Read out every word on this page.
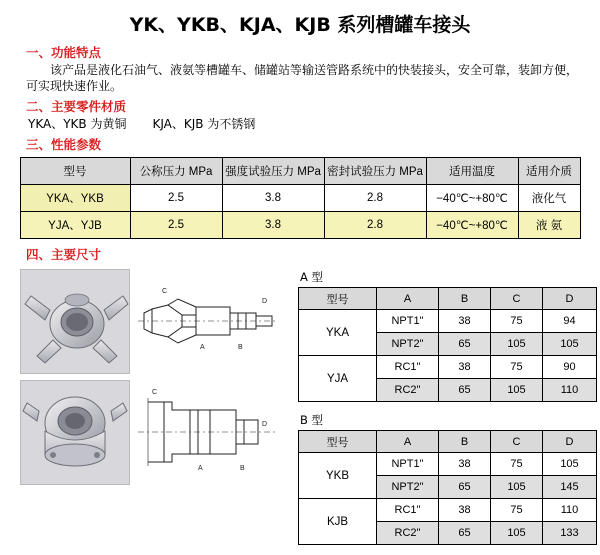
YK、YKB、KJA、KJB 系列槽罐车接头
一、功能特点
该产品是液化石油气、液氨等槽罐车、储罐站等输送管路系统中的快装接头，安全可靠，装卸方便，可实现快速作业。
二、主要零件材质
YKA、YKB 为黄铜 KJA、KJB 为不锈钢
三、性能参数
型号	公称压力 MPa	强度试验压力 MPa	密封试验压力 MPa	适用温度	适用介质
YKA、YKB	2.5	3.8	2.8	−40℃~+80℃	液化气
YJA、YJB	2.5	3.8	2.8	−40℃~+80℃	液 氨
四、主要尺寸
A	B
C
D
A	B
C
D
A 型
型号	A	B	C	D
YKA	NPT1"	38	75	94
	NPT2"	65	105	105
YJA	RC1"	38	75	90
	RC2"	65	105	110
B 型
型号	A	B	C	D
YKB	NPT1"	38	75	105
	NPT2"	65	105	145
KJB	RC1"	38	75	110
	RC2"	65	105	133
